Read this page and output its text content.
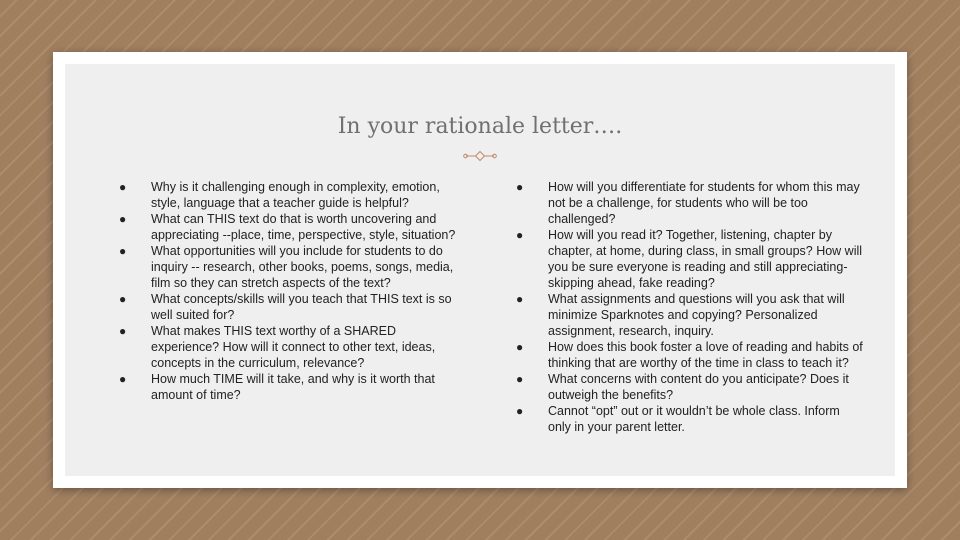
In your rationale letter….
● Why is it challenging enough in complexity, emotion, style, language that a teacher guide is helpful?
● What can THIS text do that is worth uncovering and appreciating --place, time, perspective, style, situation?
● What opportunities will you include for students to do inquiry -- research, other books, poems, songs, media, film so they can stretch aspects of the text?
● What concepts/skills will you teach that THIS text is so well suited for?
● What makes THIS text worthy of a SHARED experience? How will it connect to other text, ideas, concepts in the curriculum, relevance?
● How much TIME will it take, and why is it worth that amount of time?
● How will you differentiate for students for whom this may not be a challenge, for students who will be too challenged?
● How will you read it? Together, listening, chapter by chapter, at home, during class, in small groups? How will you be sure everyone is reading and still appreciating- skipping ahead, fake reading?
● What assignments and questions will you ask that will minimize Sparknotes and copying? Personalized assignment, research, inquiry.
● How does this book foster a love of reading and habits of thinking that are worthy of the time in class to teach it?
● What concerns with content do you anticipate? Does it outweigh the benefits?
● Cannot “opt” out or it wouldn’t be whole class. Inform only in your parent letter.
